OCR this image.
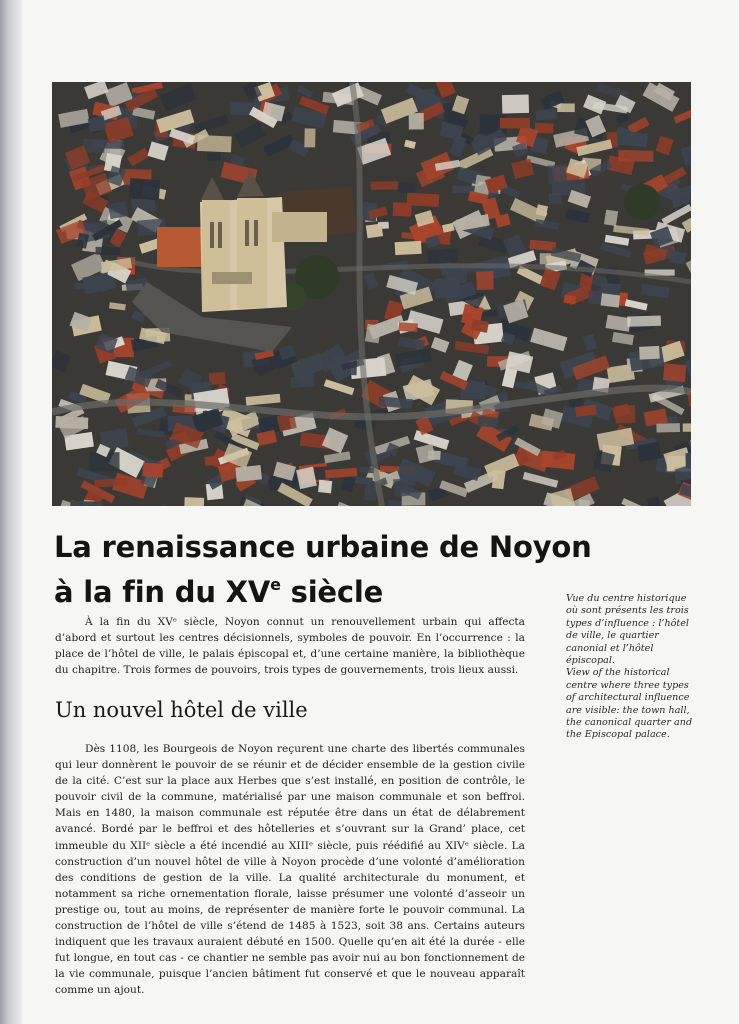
La renaissance urbaine de Noyon
à la fin du XVe siècle	Vue du centre historique où sont présents les trois types d’influence : l’hôtel de ville, le quartier canonial et l’hôtel épiscopal.

View of the historical centre where three types of architectural influence are visible: the town hall, the canonical quarter and the Episcopal palace.

À la fin du XVᵉ siècle, Noyon connut un renouvellement urbain qui affecta d’abord et surtout les centres décisionnels, symboles de pouvoir. En l’occurrence : la place de l’hôtel de ville, le palais épiscopal et, d’une certaine manière, la bibliothèque du chapitre. Trois formes de pouvoirs, trois types de gouvernements, trois lieux aussi.

Un nouvel hôtel de ville

Dès 1108, les Bourgeois de Noyon reçurent une charte des libertés communales qui leur donnèrent le pouvoir de se réunir et de décider ensemble de la gestion civile de la cité. C’est sur la place aux Herbes que s’est installé, en position de contrôle, le pouvoir civil de la commune, matérialisé par une maison communale et son beffroi. Mais en 1480, la maison communale est réputée être dans un état de délabrement avancé. Bordé par le beffroi et des hôtelleries et s’ouvrant sur la Grand’ place, cet immeuble du XIIᵉ siècle a été incendié au XIIIᵉ siècle, puis réédifié au XIVᵉ siècle. La construction d’un nouvel hôtel de ville à Noyon procède d’une volonté d’amélioration des conditions de gestion de la ville. La qualité architecturale du monument, et notamment sa riche ornementation florale, laisse présumer une volonté d’asseoir un prestige ou, tout au moins, de représenter de manière forte le pouvoir communal. La construction de l’hôtel de ville s’étend de 1485 à 1523, soit 38 ans. Certains auteurs indiquent que les travaux auraient débuté en 1500. Quelle qu’en ait été la durée - elle fut longue, en tout cas - ce chantier ne semble pas avoir nui au bon fonctionnement de la vie communale, puisque l’ancien bâtiment fut conservé et que le nouveau apparaît comme un ajout.
